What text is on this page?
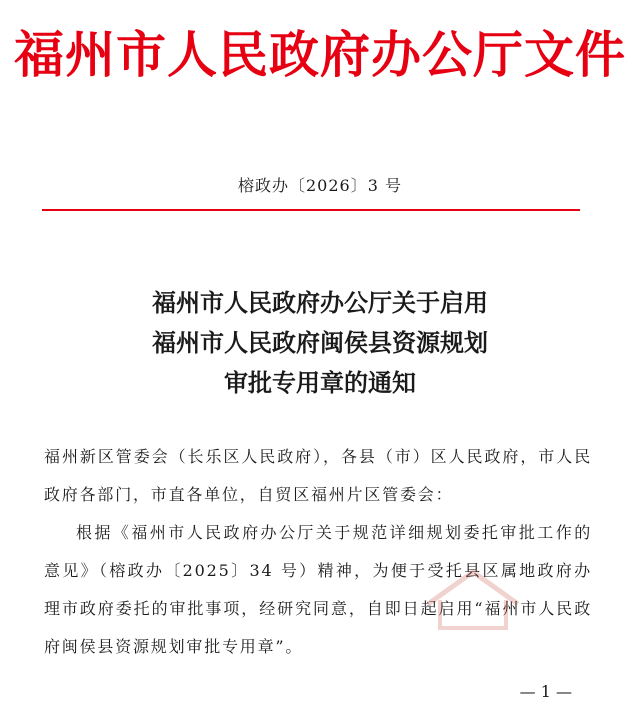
福州市人民政府办公厅文件
榕政办〔2026〕3 号
福州市人民政府办公厅关于启用
福州市人民政府闽侯县资源规划
审批专用章的通知

福州新区管委会（长乐区人民政府），各县（市）区人民政府，市人民政府各部门，市直各单位，自贸区福州片区管委会：

根据《福州市人民政府办公厅关于规范详细规划委托审批工作的意见》（榕政办〔2025〕34 号）精神，为便于受托县区属地政府办理市政府委托的审批事项，经研究同意，自即日起启用“福州市人民政府闽侯县资源规划审批专用章”。

— 1 —
